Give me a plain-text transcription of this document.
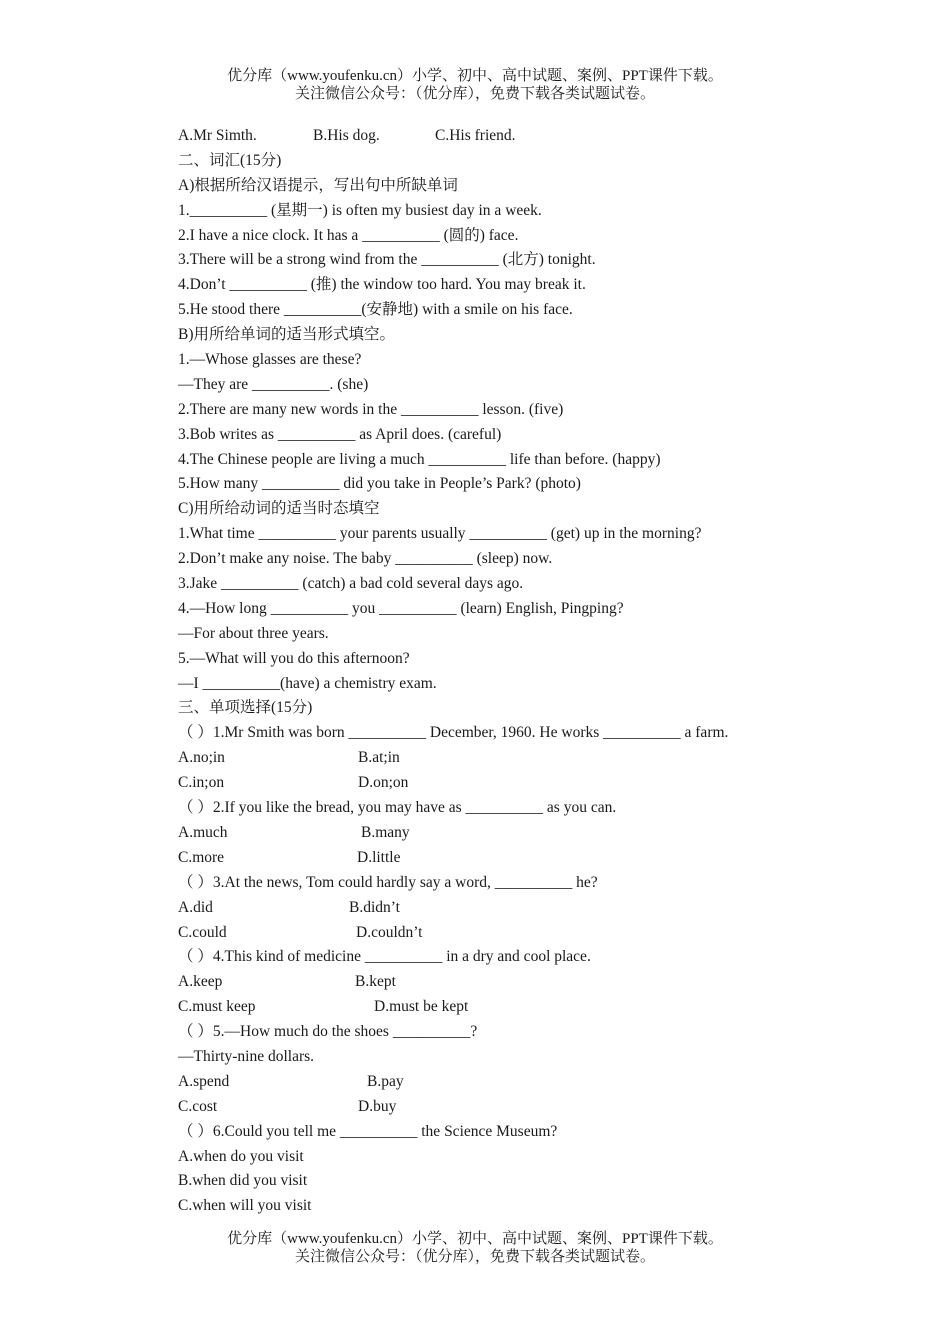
优分库（www.youfenku.cn）小学、初中、高中试题、案例、PPT课件下载。
关注微信公众号：（优分库），免费下载各类试题试卷。
A.Mr Simth.	B.His dog.	C.His friend.
二、词汇(15分)
A)根据所给汉语提示，写出句中所缺单词
1.__________ (星期一) is often my busiest day in a week.
2.I have a nice clock. It has a __________ (圆的) face.
3.There will be a strong wind from the __________ (北方) tonight.
4.Don’t __________ (推) the window too hard. You may break it.
5.He stood there __________(安静地) with a smile on his face.
B)用所给单词的适当形式填空。
1.—Whose glasses are these?
—They are __________. (she)
2.There are many new words in the __________ lesson. (five)
3.Bob writes as __________ as April does. (careful)
4.The Chinese people are living a much __________ life than before. (happy)
5.How many __________ did you take in People’s Park? (photo)
C)用所给动词的适当时态填空
1.What time __________ your parents usually __________ (get) up in the morning?
2.Don’t make any noise. The baby __________ (sleep) now.
3.Jake __________ (catch) a bad cold several days ago.
4.—How long __________ you __________ (learn) English, Pingping?
—For about three years.
5.—What will you do this afternoon?
—I __________(have) a chemistry exam.
三、单项选择(15分)
（ ）1.Mr Smith was born __________ December, 1960. He works __________ a farm.
A.no;in	B.at;in
C.in;on	D.on;on
（ ）2.If you like the bread, you may have as __________ as you can.
A.much	B.many
C.more	D.little
（ ）3.At the news, Tom could hardly say a word, __________ he?
A.did	B.didn’t
C.could	D.couldn’t
（ ）4.This kind of medicine __________ in a dry and cool place.
A.keep	B.kept
C.must keep	D.must be kept
（ ）5.—How much do the shoes __________?
—Thirty-nine dollars.
A.spend	B.pay
C.cost	D.buy
（ ）6.Could you tell me __________ the Science Museum?
A.when do you visit
B.when did you visit
C.when will you visit
优分库（www.youfenku.cn）小学、初中、高中试题、案例、PPT课件下载。
关注微信公众号：（优分库），免费下载各类试题试卷。
